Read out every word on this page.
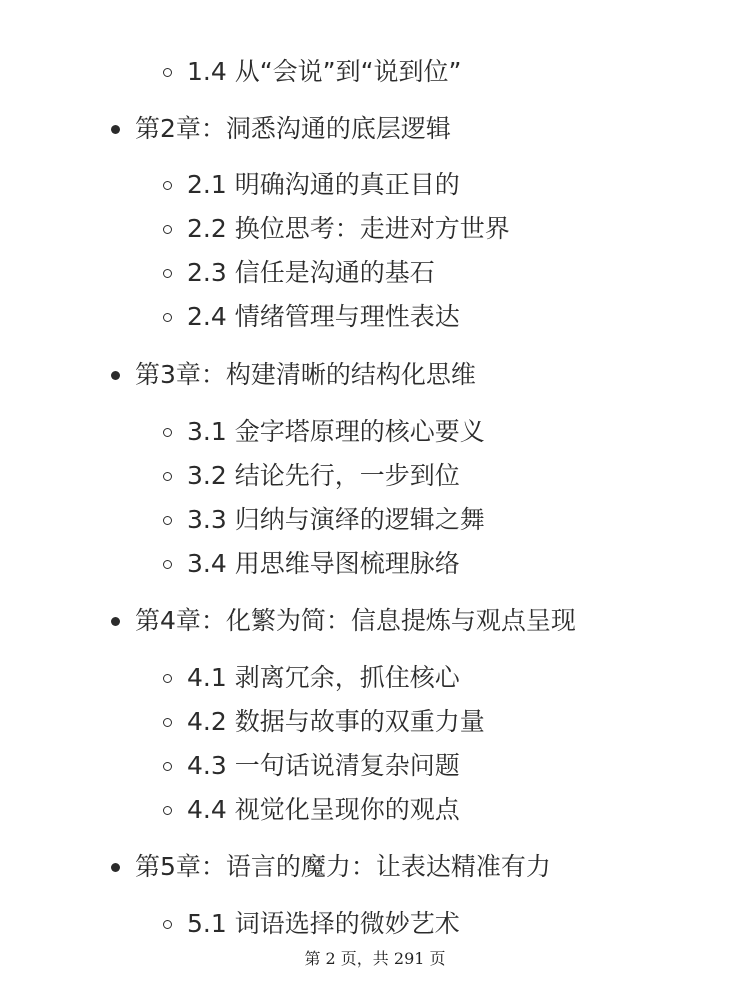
1.4 从“会说”到“说到位”
第2章：洞悉沟通的底层逻辑
2.1 明确沟通的真正目的
2.2 换位思考：走进对方世界
2.3 信任是沟通的基石
2.4 情绪管理与理性表达
第3章：构建清晰的结构化思维
3.1 金字塔原理的核心要义
3.2 结论先行，一步到位
3.3 归纳与演绎的逻辑之舞
3.4 用思维导图梳理脉络
第4章：化繁为简：信息提炼与观点呈现
4.1 剥离冗余，抓住核心
4.2 数据与故事的双重力量
4.3 一句话说清复杂问题
4.4 视觉化呈现你的观点
第5章：语言的魔力：让表达精准有力
5.1 词语选择的微妙艺术
第 2 页，共 291 页
